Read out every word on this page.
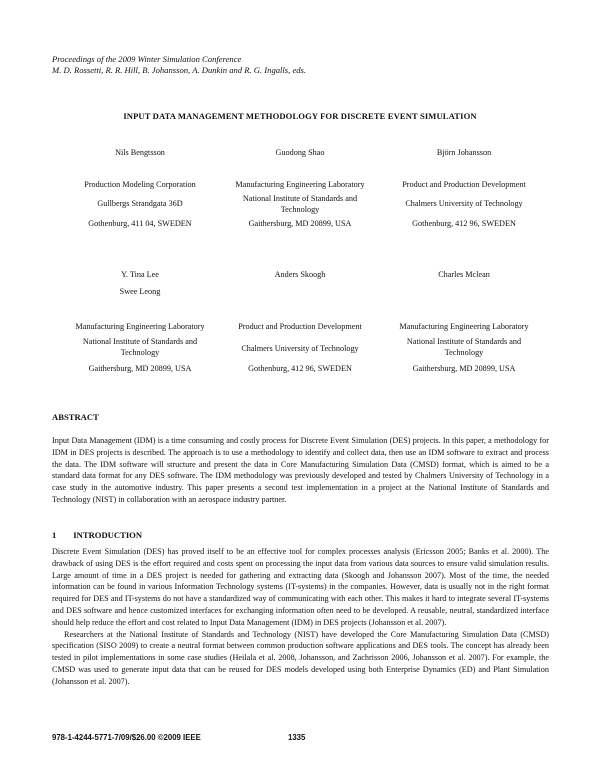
Proceedings of the 2009 Winter Simulation Conference
M. D. Rossetti, R. R. Hill, B. Johansson, A. Dunkin and R. G. Ingalls, eds.
INPUT DATA MANAGEMENT METHODOLOGY FOR DISCRETE EVENT SIMULATION
Nils Bengtsson
Production Modeling Corporation
Gullbergs Strandgata 36D
Gothenburg, 411 04, SWEDEN
Guodong Shao
Manufacturing Engineering Laboratory
National Institute of Standards and Technology
Gaithersburg, MD 20899, USA
Björn Johansson
Product and Production Development
Chalmers University of Technology
Gothenburg, 412 96, SWEDEN
Y. Tina Lee
Swee Leong
Manufacturing Engineering Laboratory
National Institute of Standards and Technology
Gaithersburg, MD 20899, USA
Anders Skoogh
Product and Production Development
Chalmers University of Technology
Gothenburg, 412 96, SWEDEN
Charles Mclean
Manufacturing Engineering Laboratory
National Institute of Standards and Technology
Gaithersburg, MD 20899, USA
ABSTRACT

Input Data Management (IDM) is a time consuming and costly process for Discrete Event Simulation (DES) projects. In this paper, a methodology for IDM in DES projects is described. The approach is to use a methodology to identify and collect data, then use an IDM software to extract and process the data. The IDM software will structure and present the data in Core Manufacturing Simulation Data (CMSD) format, which is aimed to be a standard data format for any DES software. The IDM methodology was previously developed and tested by Chalmers University of Technology in a case study in the automotive industry. This paper presents a second test implementation in a project at the National Institute of Standards and Technology (NIST) in collaboration with an aerospace industry partner.

1 INTRODUCTION

Discrete Event Simulation (DES) has proved itself to be an effective tool for complex processes analysis (Ericsson 2005; Banks et al. 2000). The drawback of using DES is the effort required and costs spent on processing the input data from various data sources to ensure valid simulation results. Large amount of time in a DES project is needed for gathering and extracting data (Skoogh and Johansson 2007). Most of the time, the needed information can be found in various Information Technology systems (IT-systems) in the companies. However, data is usually not in the right format required for DES and IT-systems do not have a standardized way of communicating with each other. This makes it hard to integrate several IT-systems and DES software and hence customized interfaces for exchanging information often need to be developed. A reusable, neutral, standardized interface should help reduce the effort and cost related to Input Data Management (IDM) in DES projects (Johansson et al. 2007).

Researchers at the National Institute of Standards and Technology (NIST) have developed the Core Manufacturing Simulation Data (CMSD) specification (SISO 2009) to create a neutral format between common production software applications and DES tools. The concept has already been tested in pilot implementations in some case studies (Heilala et al. 2008, Johansson, and Zachrisson 2006, Johansson et al. 2007). For example, the CMSD was used to generate input data that can be reused for DES models developed using both Enterprise Dynamics (ED) and Plant Simulation (Johansson et al. 2007).

978-1-4244-5771-7/09/$26.00 ©2009 IEEE	1335
